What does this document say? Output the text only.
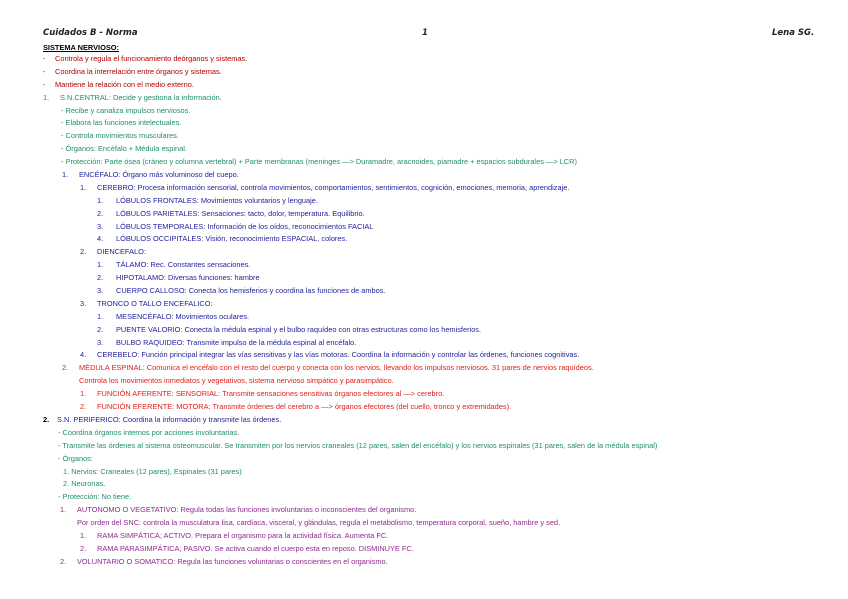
Cuidados B - Norma	1	Lena SG.
SISTEMA NERVIOSO:
- Controla y regula el funcionamiento deórganos y sistemas.
- Coordina la interrelación entre órganos y sistemas.
- Mantiene la relación con el medio externo.
1. S.N.CENTRAL: Decide y gestiona la información.
- Recibe y canaliza impulsos nerviosos.
- Elabora las funciones intelectuales.
- Controla movimientos musculares.
- Órganos: Encéfalo + Médula espinal.
- Protección: Parte ósea (cráneo y columna vertebral) + Parte membranas (meninges —> Duramadre, aracnoides, piamadre + espacios subdurales —> LCR)
1. ENCÉFALO: Órgano más voluminoso del cuepo.
1. CEREBRO: Procesa información sensorial, controla movimientos, comportamientos, sentimientos, cognición, emociones, memoria, aprendizaje.
1. LÓBULOS FRONTALES: Movimientos voluntarios y lenguaje.
2. LÓBULOS PARIETALES: Sensaciones: tacto, dolor, temperatura. Equilibrio.
3. LÓBULOS TEMPORALES: Información de los oídos, reconocimientos FACIAL
4. LÓBULOS OCCIPITALES: Visión, reconocimiento ESPACIAL, colores.
2. DIENCEFALO:
1. TÁLAMO: Rec. Constantes sensaciones.
2. HIPOTALAMO: Diversas funciones: hambre
3. CUERPO CALLOSO: Conecta los hemisferios y coordina las funciones de ambos.
3. TRONCO O TALLO ENCEFALICO:
1. MESENCÉFALO: Movimientos oculares.
2. PUENTE VALORIO: Conecta la médula espinal y el bulbo raquídeo con otras estructuras como los hemisferios.
3. BULBO RAQUIDEO: Transmite impulso de la médula espinal al encéfalo.
4. CEREBELO: Función principal integrar las vías sensitivas y las vías motoras. Coordina la información y controlar las órdenes, funciones cognitivas.
2. MÉDULA ESPINAL: Comunica el encéfalo con el resto del cuerpo y conecta con los nervios, llevando los impulsos nerviosos. 31 pares de nervios raquídeos.
Controla los movimientos inmediatos y vegetativos, sistema nervioso simpático y parasimpático.
1. FUNCIÓN AFERENTE: SENSORIAL: Transmite sensaciones sensitivas órganos efectores al —> cerebro.
2. FUNCIÓN EFERENTE: MOTORA: Transmite órdenes del cerebro a —> órganos efectores (del cuello, tronco y extremidades).
2. S.N. PERIFERICO: Coordina la información y transmite las órdenes.
- Coordina órganos internos por acciones involuntarias.
- Transmite las órdenes al sistema osteomuscular. Se transmiten por los nervios craneales (12 pares, salen del encéfalo) y los nervios espinales (31 pares, salen de la médula espinal)
- Órganos:
1. Nervios: Craneales (12 pares), Espinales (31 pares)
2. Neuronas.
- Protección: No tiene.
1. AUTONOMO O VEGETATIVO: Regula todas las funciones involuntarias o inconscientes del organismo.
Por orden del SNC: controla la musculatura lisa, cardíaca, visceral, y glándulas, regula el metabolismo, temperatura corporal, sueño, hambre y sed.
1. RAMA SIMPÁTICA; ACTIVO. Prepara el organismo para la actividad física. Aumenta FC.
2. RAMA PARASIMPÁTICA; PASIVO. Se activa cuando el cuerpo esta en reposo. DISMINUYE FC.
2. VOLUNTARIO O SOMATICO: Regula las funciones voluntarias o conscientes en el organismo.
